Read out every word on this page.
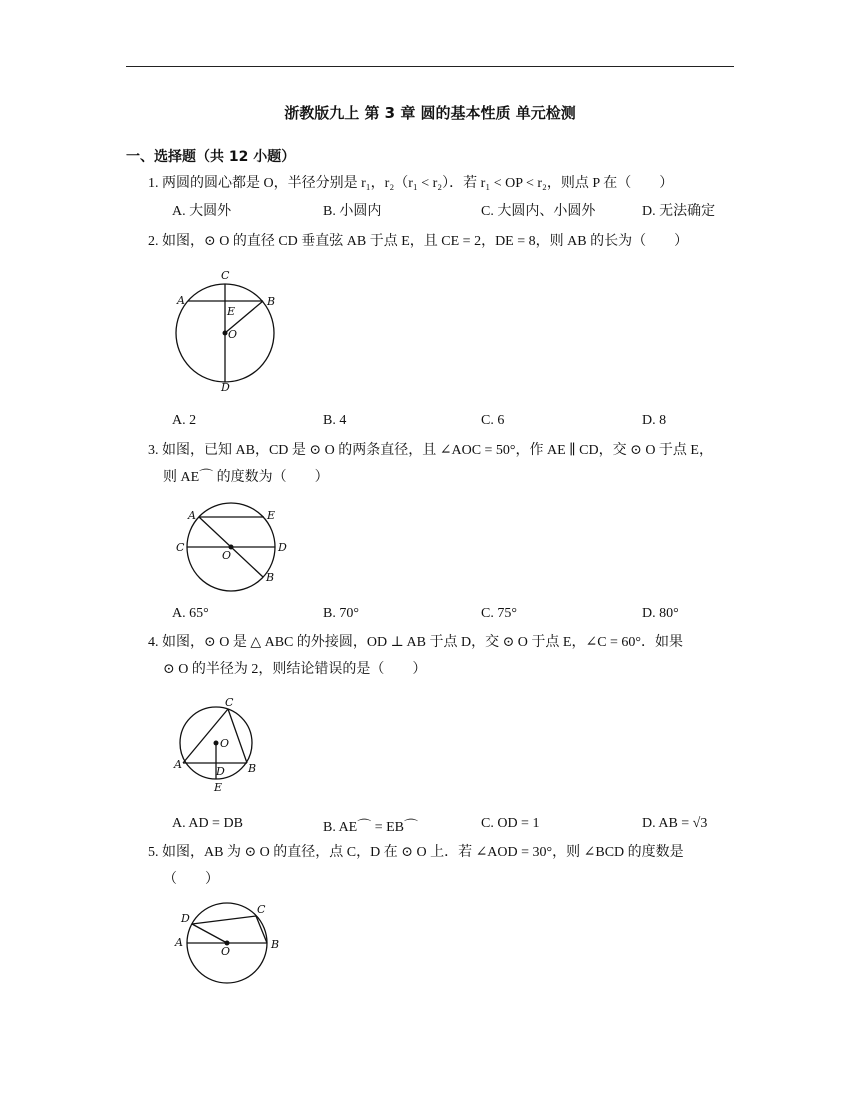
浙教版九上 第 3 章 圆的基本性质 单元检测
一、选择题（共 12 小题）
1. 两圆的圆心都是 O，半径分别是 r₁，r₂（r₁ < r₂）．若 r₁ < OP < r₂，则点 P 在（　　）
A. 大圆外	B. 小圆内	C. 大圆内、小圆外	D. 无法确定
2. 如图，⊙ O 的直径 CD 垂直弦 AB 于点 E，且 CE = 2，DE = 8，则 AB 的长为（　　）
C
A	B
E
O
D
A. 2	B. 4	C. 6	D. 8
3. 如图，已知 AB，CD 是 ⊙ O 的两条直径，且 ∠AOC = 50°，作 AE ∥ CD，交 ⊙ O 于点 E，
则 AE⌒ 的度数为（　　）
A	E
C
O
D
B
A. 65°	B. 70°	C. 75°	D. 80°
4. 如图，⊙ O 是 △ ABC 的外接圆，OD ⊥ AB 于点 D，交 ⊙ O 于点 E，∠C = 60°．如果
⊙ O 的半径为 2，则结论错误的是（　　）
C
O
A
D B
E
A. AD = DB	B. AE⌒ = EB⌒	C. OD = 1	D. AB = √3
5. 如图，AB 为 ⊙ O 的直径，点 C，D 在 ⊙ O 上．若 ∠AOD = 30°，则 ∠BCD 的度数是
（　　）
D
C
A
O
B
